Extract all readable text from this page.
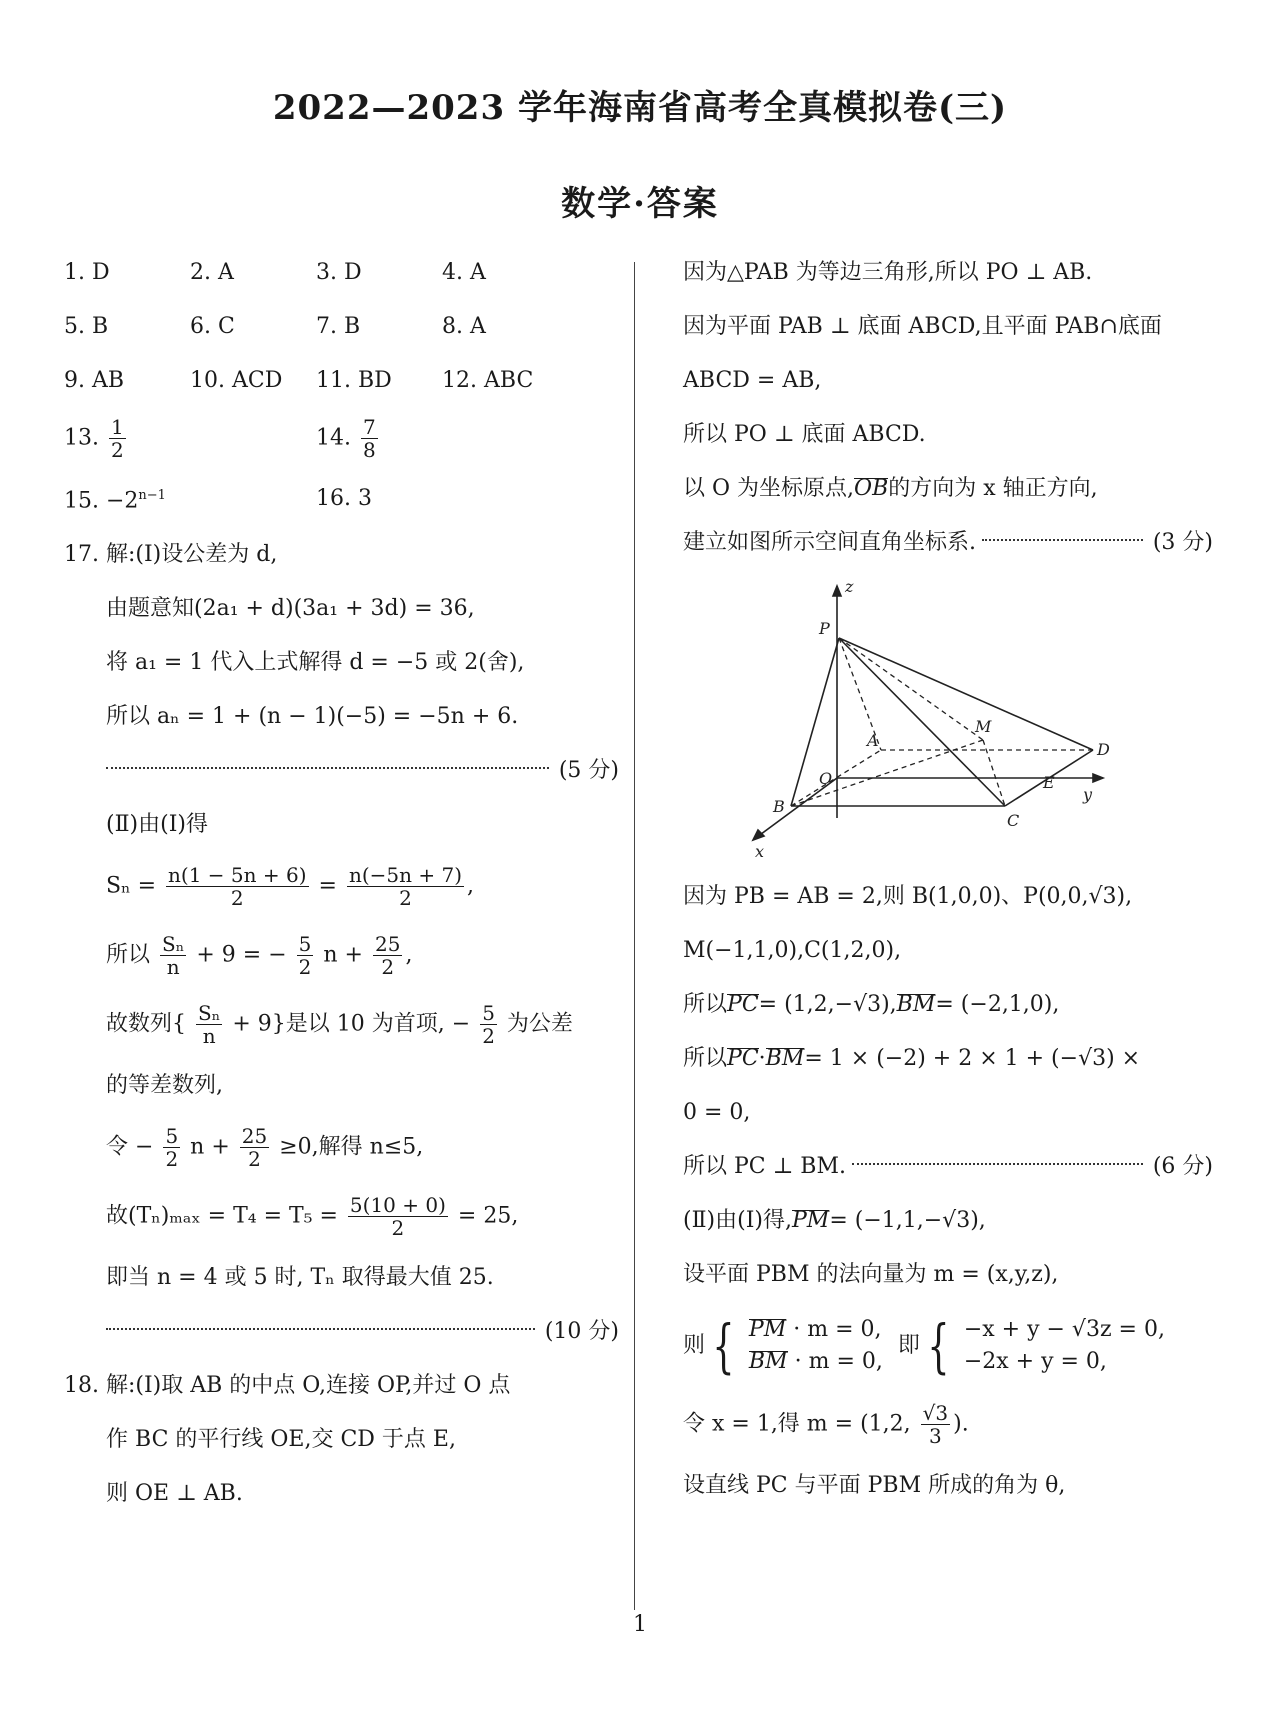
2022—2023 学年海南省高考全真模拟卷(三)
数学·答案
1. D	2. A	3. D	4. A
5. B	6. C	7. B	8. A
9. AB	10. ACD	11. BD	12. ABC
13. $\frac{1}{2}$	14. $\frac{7}{8}$
15. $-2^{n-1}$	16. 3
17. 解:(Ⅰ)设公差为 d,
由题意知(2a₁ + d)(3a₁ + 3d) = 36,
将 a₁ = 1 代入上式解得 d = −5 或 2(舍),
所以 aₙ = 1 + (n − 1)(−5) = −5n + 6.
(5 分)
(Ⅱ)由(Ⅰ)得
$S_n = \frac{n(1 - 5n + 6)}{2} = \frac{n(-5n + 7)}{2}$ ,
所以 $\frac{\text{Sₙ}}{n} + 9$ = − $\frac{5}{2}$ $n + \frac{25}{2}$ ,
故数列{ $\frac{\text{Sₙ}}{n} + 9$}是以 10 为首项, − $\frac{5}{2}$ 为公差
的等差数列,
令 − $\frac{5}{2}$ $n + \frac{25}{2} \ge 0$,解得 n≤5,
故$(T_n)_{max} = T_4 = T_5 = \frac{5(10 + 0)}{2} = 25$,
即当 n = 4 或 5 时, Tₙ 取得最大值 25.
(10 分)
18. 解:(Ⅰ)取 AB 的中点 O,连接 OP,并过 O 点
作 BC 的平行线 OE,交 CD 于点 E,
则 OE ⊥ AB.
因为△PAB 为等边三角形,所以 PO ⊥ AB.
因为平面 PAB ⊥ 底面 ABCD,且平面 PAB∩底面
ABCD = AB,
所以 PO ⊥ 底面 ABCD.
以 O 为坐标原点,OB的方向为 x 轴正方向,
建立如图所示空间直角坐标系.	(3 分)
z
P
A
M
D
O
y
B
E
C
x
因为 PB = AB = 2,则 B(1,0,0)、P(0,0,√3),
M(−1,1,0),C(1,2,0),
所以PC= (1,2,−√3),BM= (−2,1,0),
所以PC·BM= 1 × (−2) + 2 × 1 + (−√3) ×
0 = 0,
所以 PC ⊥ BM.	(6 分)
(Ⅱ)由(Ⅰ)得,PM= (−1,1,−√3),
设平面 PBM 的法向量为 m = (x,y,z),
则 { PM · m = 0,
BM · m = 0,
即 { −x + y − √3z = 0,
−2x + y = 0,
令 x = 1,得 m = (1,2, $\frac{√3}{3}$ ).
设直线 PC 与平面 PBM 所成的角为 θ,
1
